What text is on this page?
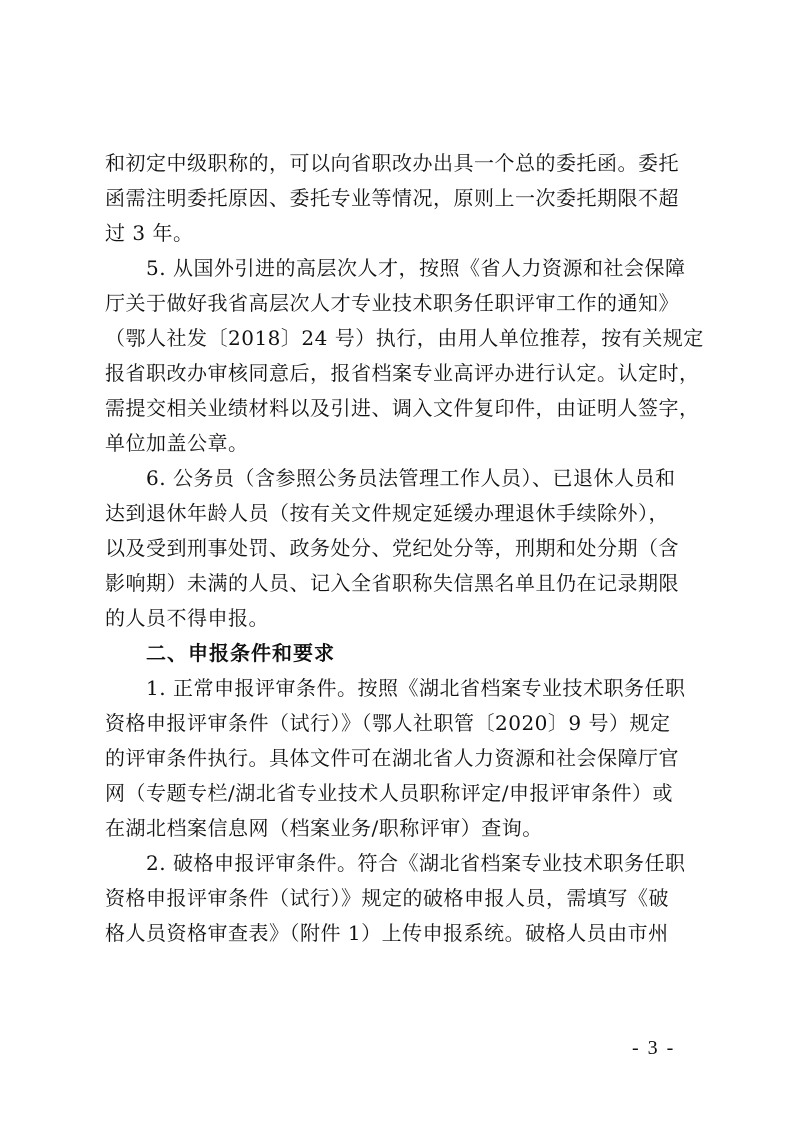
和初定中级职称的，可以向省职改办出具一个总的委托函。委托
函需注明委托原因、委托专业等情况，原则上一次委托期限不超
过 3 年。
5. 从国外引进的高层次人才，按照《省人力资源和社会保障
厅关于做好我省高层次人才专业技术职务任职评审工作的通知》
（鄂人社发〔2018〕24 号）执行，由用人单位推荐，按有关规定
报省职改办审核同意后，报省档案专业高评办进行认定。认定时，
需提交相关业绩材料以及引进、调入文件复印件，由证明人签字，
单位加盖公章。
6. 公务员（含参照公务员法管理工作人员）、已退休人员和
达到退休年龄人员（按有关文件规定延缓办理退休手续除外），
以及受到刑事处罚、政务处分、党纪处分等，刑期和处分期（含
影响期）未满的人员、记入全省职称失信黑名单且仍在记录期限
的人员不得申报。
二、申报条件和要求
1. 正常申报评审条件。按照《湖北省档案专业技术职务任职
资格申报评审条件（试行）》（鄂人社职管〔2020〕9 号）规定
的评审条件执行。具体文件可在湖北省人力资源和社会保障厅官
网（专题专栏/湖北省专业技术人员职称评定/申报评审条件）或
在湖北档案信息网（档案业务/职称评审）查询。
2. 破格申报评审条件。符合《湖北省档案专业技术职务任职
资格申报评审条件（试行）》规定的破格申报人员，需填写《破
格人员资格审查表》（附件 1）上传申报系统。破格人员由市州
- 3 -
